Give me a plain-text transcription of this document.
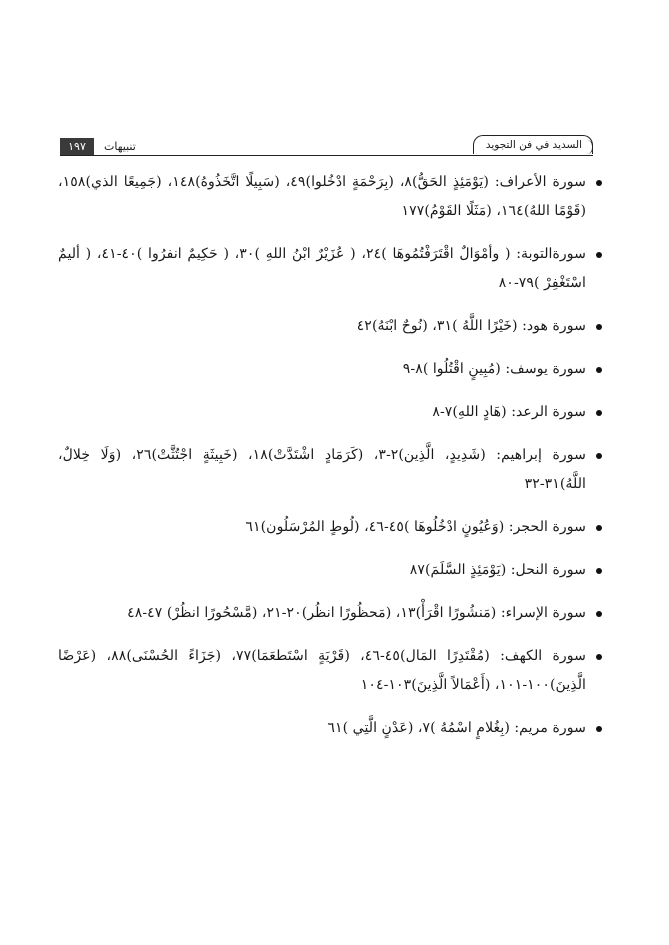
١٩٧	تنبيهات	السديد في فن التجويد
سورة الأعراف: (يَوْمَئِذٍ الحَقُّ)٨، (بِرَحْمَةٍ ادْخُلوا)٤٩، (سَبِيلًا اتَّخَذُوهُ)١٤٨، (جَمِيعًا الذي)١٥٨، (قَوْمًا اللهُ)١٦٤، (مَثَلًا القَوْمُ)١٧٧
سورةالتوبة: ( وأمْوَالٌ اقْتَرَفْتُمُوهَا )٢٤، ( عُزَيْرٌ ابْنُ اللهِ )٣٠، ( حَكِيمٌ انفرُوا )٤٠-٤١، ( أليمٌ اسْتَغْفِرْ )٧٩-٨٠
سورة هود: (خَيْرًا اللَّهُ )٣١، (نُوحٌ ابْنَهُ)٤٢
سورة يوسف: (مُبِينٍ اقْتُلُوا )٨-٩
سورة الرعد: (هَادٍ اللهِ)٧-٨
سورة إبراهيم: (شَدِيدٍ، الَّذِين)٢-٣، (كَرَمَادٍ اشْتَدَّتْ)١٨، (خَبِيثَةٍ اجْتُثَّتْ)٢٦، (وَلَا خِلالٌ، اللَّهُ)٣١-٣٢
سورة الحجر: (وَعُيُونٍ ادْخُلُوهَا )٤٥-٤٦، (لُوطٍ المُرْسَلُون)٦١
سورة النحل: (يَوْمَئِذٍ السَّلَمَ)٨٧
سورة الإسراء: (مَنشُورًا اقْرَأْ)١٣، (مَحظُورًا انظُر)٢٠-٢١، (مَّسْحُورًا انظُرْ) ٤٧-٤٨
سورة الكهف: (مُقْتَدِرًا المَال)٤٥-٤٦، (قَرْيَةٍ اسْتَطعَمَا)٧٧، (جَزَاءً الحُسْنَى)٨٨، (عَرْضًا الَّذِينَ)١٠٠-١٠١، (أَعْمَالاً الَّذِينَ)١٠٣-١٠٤
سورة مريم: (بِغُلامٍ اسْمُهُ )٧، (عَدْنٍ الَّتِي )٦١
